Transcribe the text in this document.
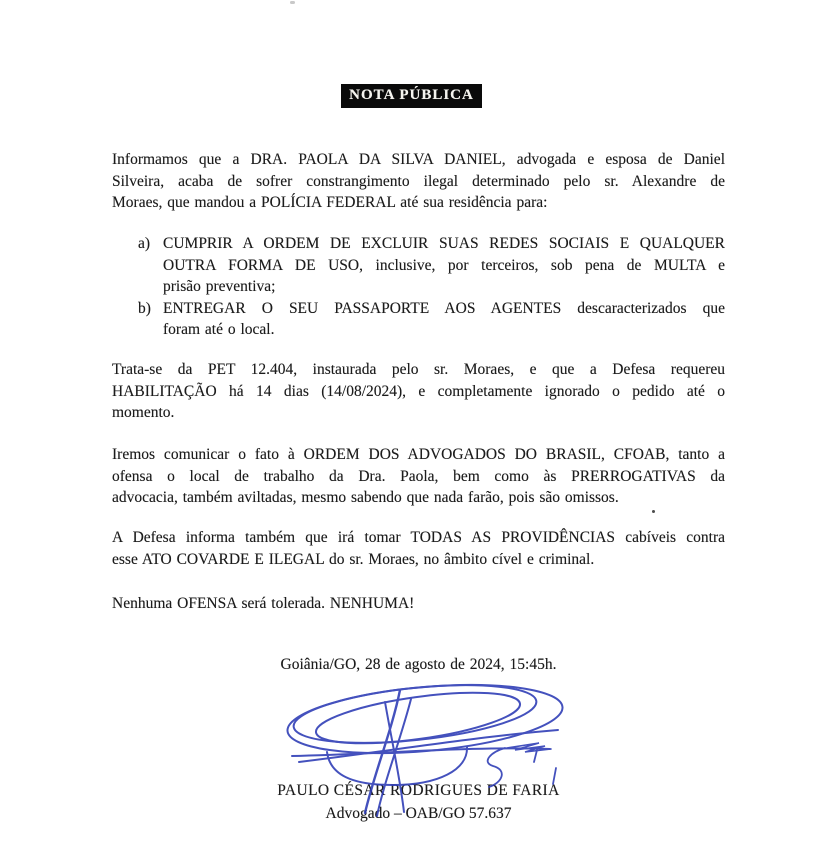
NOTA PÚBLICA
Informamos que a DRA. PAOLA DA SILVA DANIEL, advogada e esposa de Daniel
Silveira, acaba de sofrer constrangimento ilegal determinado pelo sr. Alexandre de
Moraes, que mandou a POLÍCIA FEDERAL até sua residência para:
a) CUMPRIR A ORDEM DE EXCLUIR SUAS REDES SOCIAIS E QUALQUER
OUTRA FORMA DE USO, inclusive, por terceiros, sob pena de MULTA e
prisão preventiva;
b) ENTREGAR O SEU PASSAPORTE AOS AGENTES descaracterizados que
foram até o local.
Trata-se da PET 12.404, instaurada pelo sr. Moraes, e que a Defesa requereu
HABILITAÇÃO há 14 dias (14/08/2024), e completamente ignorado o pedido até o
momento.
Iremos comunicar o fato à ORDEM DOS ADVOGADOS DO BRASIL, CFOAB, tanto a
ofensa o local de trabalho da Dra. Paola, bem como às PRERROGATIVAS da
advocacia, também aviltadas, mesmo sabendo que nada farão, pois são omissos.
A Defesa informa também que irá tomar TODAS AS PROVIDÊNCIAS cabíveis contra
esse ATO COVARDE E ILEGAL do sr. Moraes, no âmbito cível e criminal.
Nenhuma OFENSA será tolerada. NENHUMA!
Goiânia/GO, 28 de agosto de 2024, 15:45h.
PAULO CÉSAR RODRIGUES DE FARIA
Advogado – OAB/GO 57.637
